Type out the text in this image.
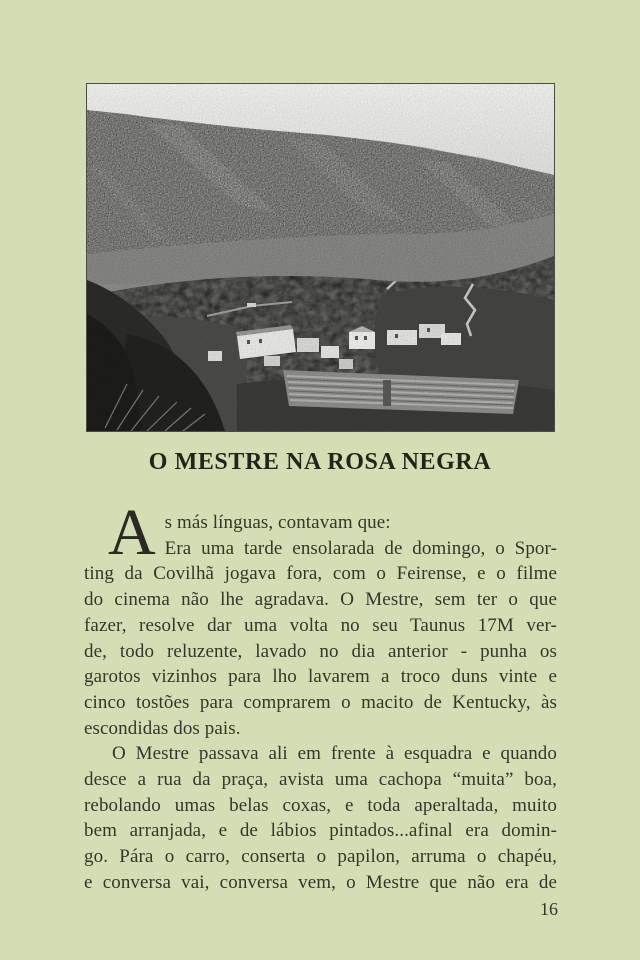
O MESTRE NA ROSA NEGRA
A s más línguas, contavam que:
Era uma tarde ensolarada de domingo, o Spor-
ting da Covilhã jogava fora, com o Feirense, e o filme
do cinema não lhe agradava. O Mestre, sem ter o que
fazer, resolve dar uma volta no seu Taunus 17M ver-
de, todo reluzente, lavado no dia anterior - punha os
garotos vizinhos para lho lavarem a troco duns vinte e
cinco tostões para comprarem o macito de Kentucky, às
escondidas dos pais.
O Mestre passava ali em frente à esquadra e quando
desce a rua da praça, avista uma cachopa “muita” boa,
rebolando umas belas coxas, e toda aperaltada, muito
bem arranjada, e de lábios pintados...afinal era domin-
go. Pára o carro, conserta o papilon, arruma o chapéu,
e conversa vai, conversa vem, o Mestre que não era de
16
